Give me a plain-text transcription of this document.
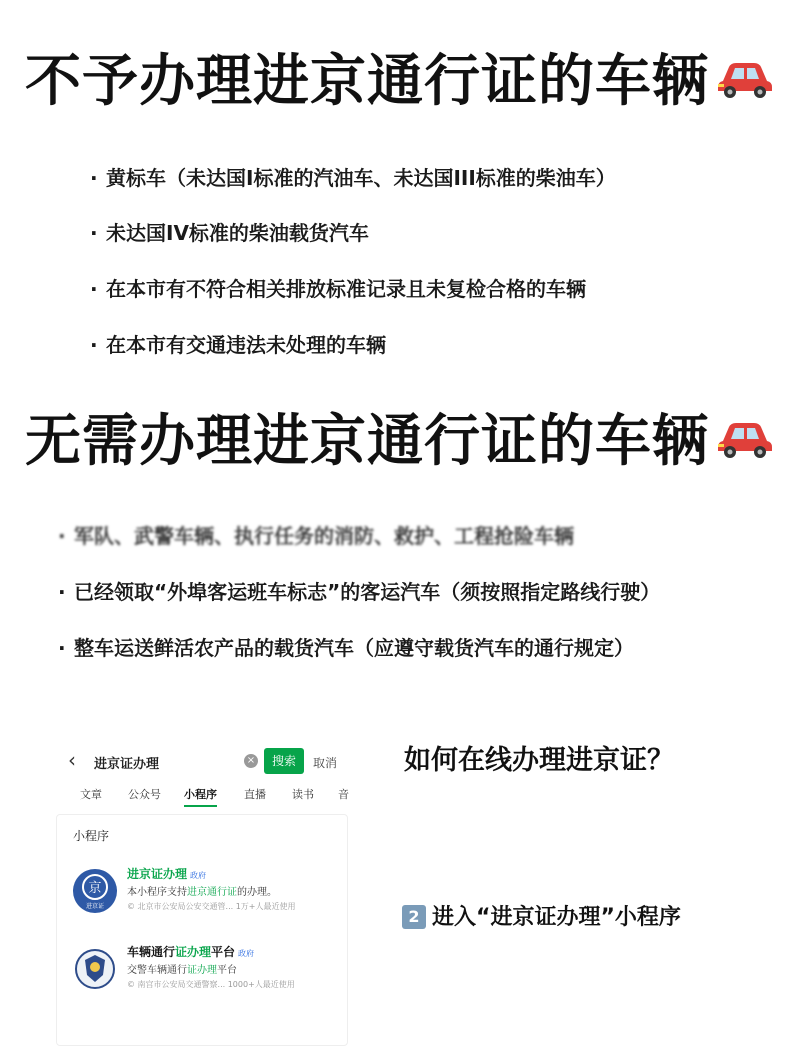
不予办理进京通行证的车辆
· 黄标车（未达国Ⅰ标准的汽油车、未达国III标准的柴油车）
· 未达国IV标准的柴油载货汽车
· 在本市有不符合相关排放标准记录且未复检合格的车辆
· 在本市有交通违法未处理的车辆
无需办理进京通行证的车辆
· 军队、武警车辆、执行任务的消防、救护、工程抢险车辆
· 已经领取“外埠客运班车标志”的客运汽车（须按照指定路线行驶）
· 整车运送鲜活农产品的载货汽车（应遵守载货汽车的通行规定）
‹ 进京证办理	×	搜索	取消
文章 公众号 小程序 直播 读书 音
小程序
京
进京证
进京证办理 政府
本小程序支持进京通行证的办理。
© 北京市公安局公安交通管... 1万+人最近使用
车辆通行证办理平台 政府
交警车辆通行证办理平台
© 南宫市公安局交通警察... 1000+人最近使用
如何在线办理进京证？
2 进入“进京证办理”小程序
